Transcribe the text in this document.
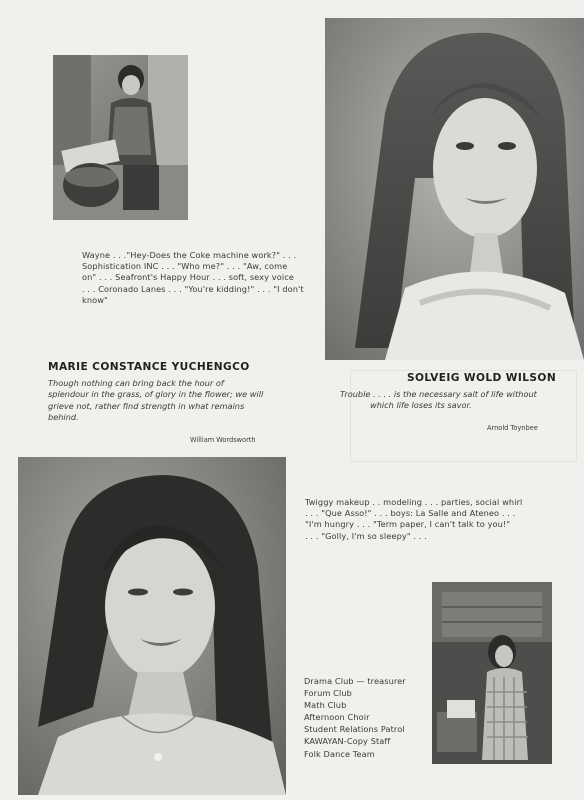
Wayne . . ."Hey-Does the Coke machine work?" . . .
Sophistication INC . . . "Who me?" . . . "Aw, come
on" . . . Seafront's Happy Hour . . . soft, sexy voice
. . . Coronado Lanes . . . "You're kidding!" . . . "I don't
know"
MARIE CONSTANCE YUCHENGCO
Though nothing can bring back the hour of splendour in the grass, of glory in the flower; we will grieve not, rather find strength in what remains behind.
William Wordsworth
SOLVEIG WOLD WILSON
Trouble . . . . is the necessary salt of life without
which life loses its savor.
Arnold Toynbee
Twiggy makeup . . modeling . . . parties, social whirl
. . . "Que Asso!" . . . boys: La Salle and Ateneo . . .
"I'm hungry . . . "Term paper, I can't talk to you!"
. . . "Golly, I'm so sleepy" . . .
Drama Club — treasurer
Forum Club
Math Club
Afternoon Choir
Student Relations Patrol
KAWAYAN-Copy Staff
Folk Dance Team
